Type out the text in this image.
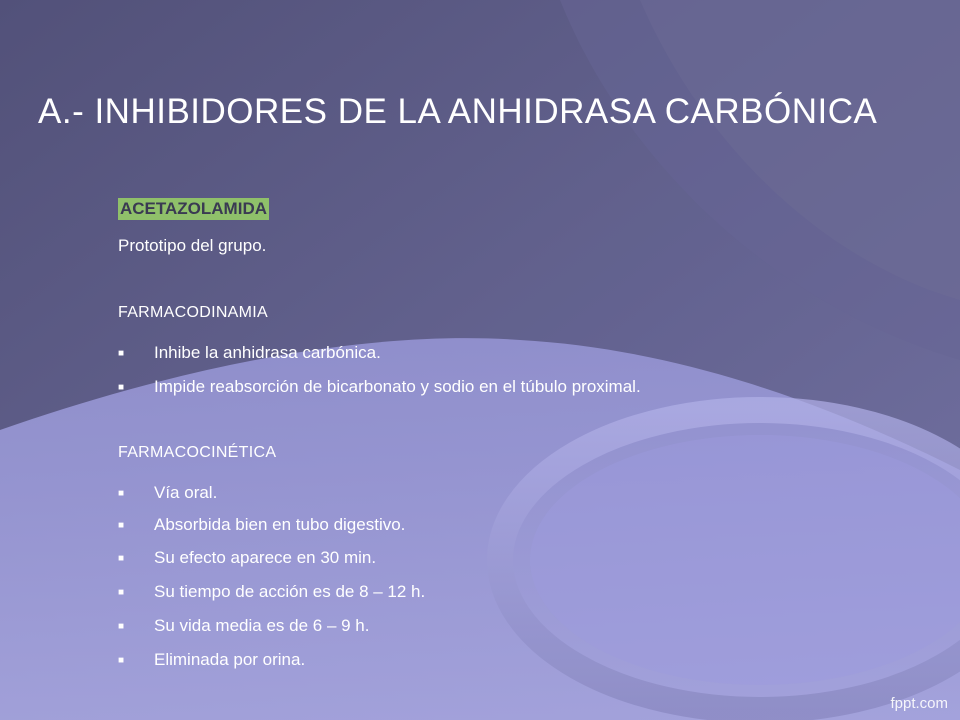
A.- INHIBIDORES DE LA ANHIDRASA CARBÓNICA
ACETAZOLAMIDA
Prototipo del grupo.
FARMACODINAMIA
■	Inhibe la anhidrasa carbónica.
■	Impide reabsorción de bicarbonato y sodio en el túbulo proximal.
FARMACOCINÉTICA
■	Vía oral.
■	Absorbida bien en tubo digestivo.
■	Su efecto aparece en 30 min.
■	Su tiempo de acción es de 8 – 12 h.
■	Su vida media es de 6 – 9 h.
■	Eliminada por orina.
fppt.com
